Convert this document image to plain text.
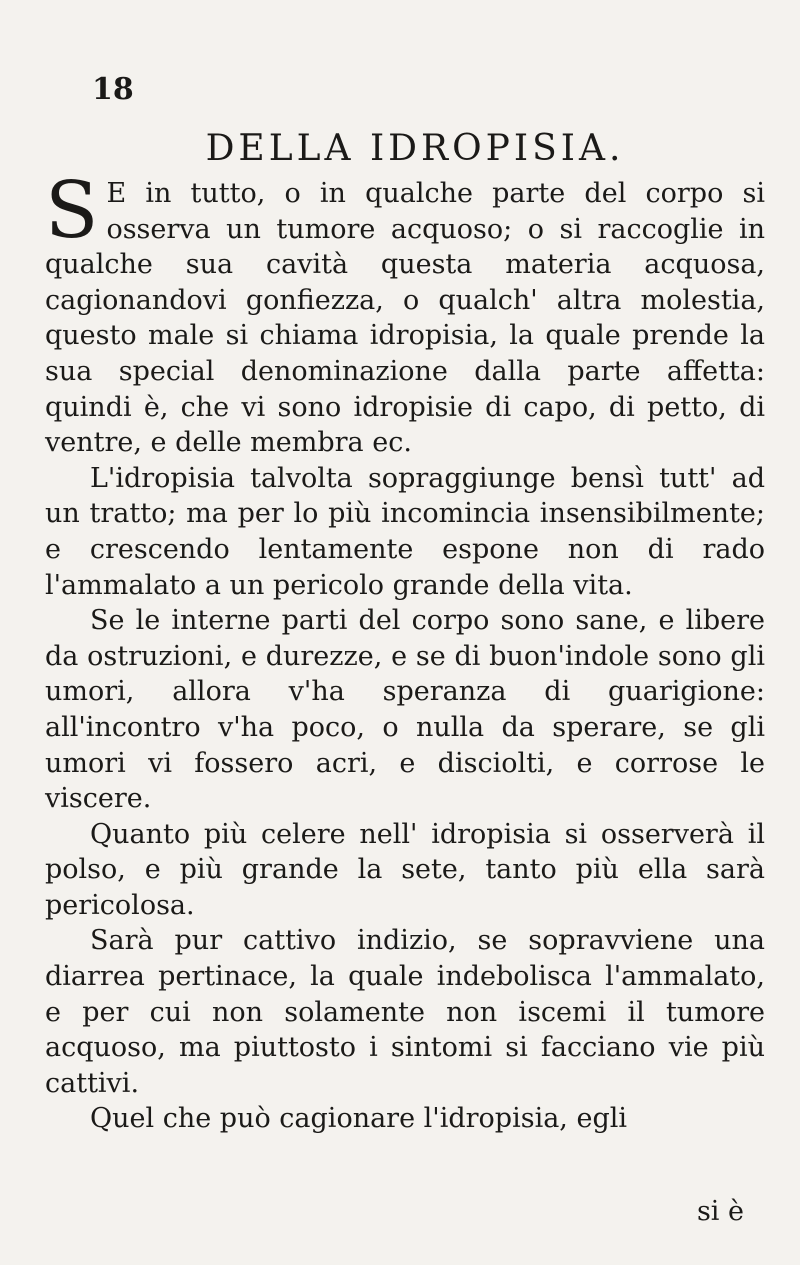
18
DELLA IDROPISIA.

S E in tutto, o in qualche parte del corpo si osserva un tumore acquoso; o si raccoglie in qualche sua cavità questa materia acquosa, cagionandovi gonfiezza, o qualch' altra molestia, questo male si chiama idropisia, la quale prende la sua special denominazione dalla parte affetta: quindi è, che vi sono idropisie di capo, di petto, di ventre, e delle membra ec.

L'idropisia talvolta sopraggiunge bensì tutt' ad un tratto; ma per lo più incomincia insensibilmente; e crescendo lentamente espone non di rado l'ammalato a un pericolo grande della vita.

Se le interne parti del corpo sono sane, e libere da ostruzioni, e durezze, e se di buon'indole sono gli umori, allora v'ha speranza di guarigione: all'incontro v'ha poco, o nulla da sperare, se gli umori vi fossero acri, e disciolti, e corrose le viscere.

Quanto più celere nell' idropisia si osserverà il polso, e più grande la sete, tanto più ella sarà pericolosa.

Sarà pur cattivo indizio, se sopravviene una diarrea pertinace, la quale indebolisca l'ammalato, e per cui non solamente non iscemi il tumore acquoso, ma piuttosto i sintomi si facciano vie più cattivi.

Quel che può cagionare l'idropisia, egli

si è
